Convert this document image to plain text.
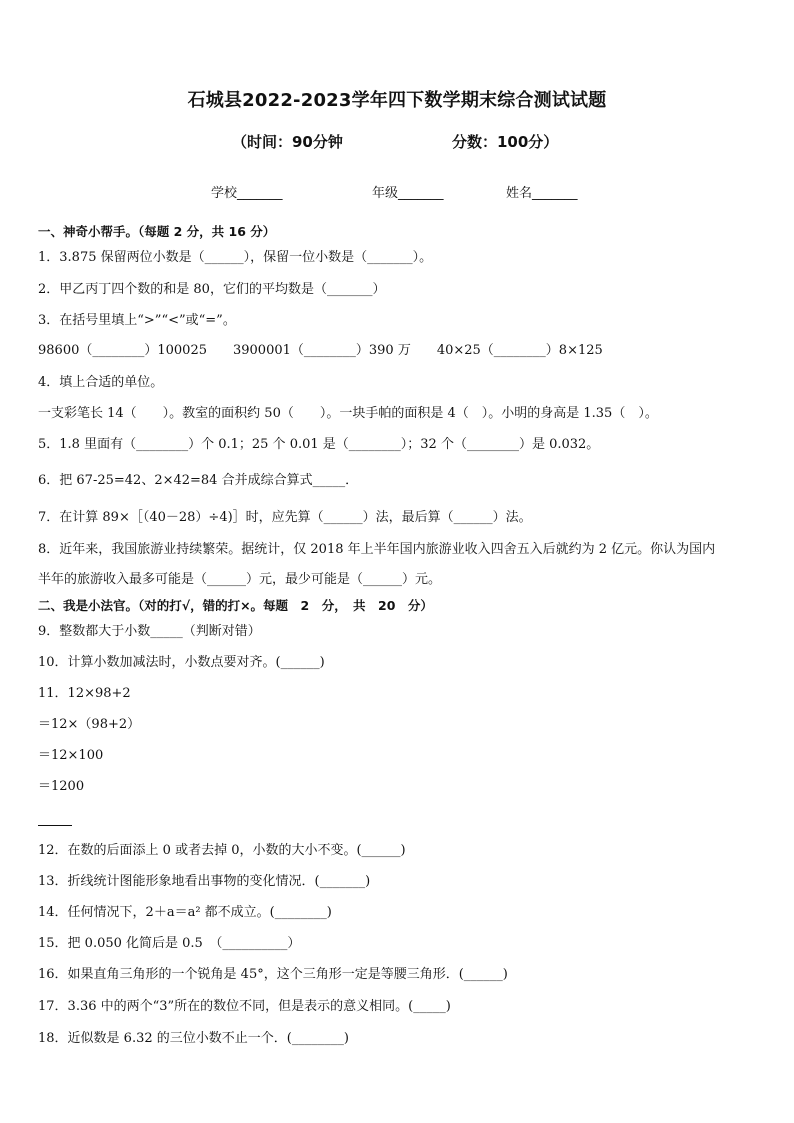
石城县2022-2023学年四下数学期末综合测试试题
（时间：90分钟	分数：100分）
学校_______	年级_______	姓名_______
一、神奇小帮手。（每题 2 分，共 16 分）
1．3.875 保留两位小数是（______），保留一位小数是（_______）。
2．甲乙丙丁四个数的和是 80，它们的平均数是（_______）
3．在括号里填上“>”“<”或“=”。
98600（________）100025　　3900001（________）390 万　　40×25（________）8×125
4．填上合适的单位。
一支彩笔长 14（　　）。教室的面积约 50（　　）。一块手帕的面积是 4（　）。小明的身高是 1.35（　）。
5．1.8 里面有（________）个 0.1；25 个 0.01 是（________）；32 个（________）是 0.032。
6．把 67-25=42、2×42=84 合并成综合算式_____．
7．在计算 89×［（40－28）÷4)］时，应先算（______）法，最后算（______）法。
8．近年来，我国旅游业持续繁荣。据统计，仅 2018 年上半年国内旅游业收入四舍五入后就约为 2 亿元。你认为国内
半年的旅游收入最多可能是（______）元，最少可能是（______）元。
二、我是小法官。（对的打√，错的打×。每题　2　分，　共　20　分）
9．整数都大于小数_____（判断对错）
10．计算小数加减法时，小数点要对齐。(______)
11．12×98+2
＝12×（98+2）
＝12×100
＝1200
12．在数的后面添上 0 或者去掉 0，小数的大小不变。(______)
13．折线统计图能形象地看出事物的变化情况．(_______)
14．任何情况下，2＋a＝a² 都不成立。(________)
15．把 0.050 化简后是 0.5　（__________）
16．如果直角三角形的一个锐角是 45°，这个三角形一定是等腰三角形．(______)
17．3.36 中的两个“3”所在的数位不同，但是表示的意义相同。(_____)
18．近似数是 6.32 的三位小数不止一个．(________)
